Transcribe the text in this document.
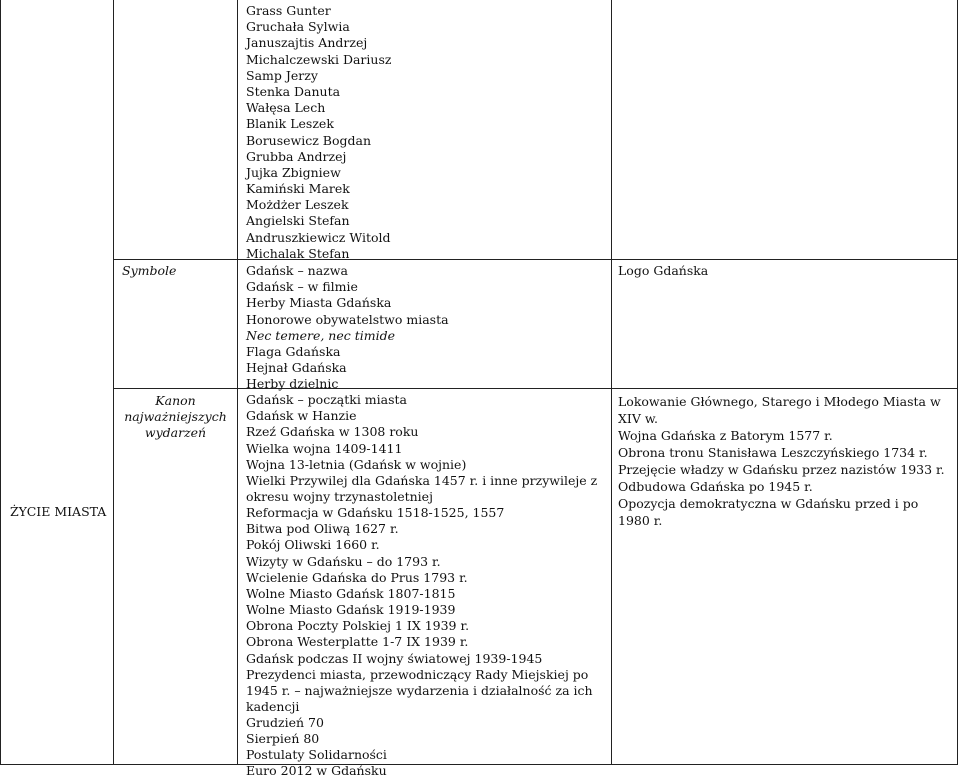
ŻYCIE MIASTA
Symbole
Kanon
najważniejszych
wydarzeń
Grass Gunter
Gruchała Sylwia
Januszajtis Andrzej
Michalczewski Dariusz
Samp Jerzy
Stenka Danuta
Wałęsa Lech
Blanik Leszek
Borusewicz Bogdan
Grubba Andrzej
Jujka Zbigniew
Kamiński Marek
Możdżer Leszek
Angielski Stefan
Andruszkiewicz Witold
Michalak Stefan
Gdańsk – nazwa
Gdańsk – w filmie
Herby Miasta Gdańska
Honorowe obywatelstwo miasta
Nec temere, nec timide
Flaga Gdańska
Hejnał Gdańska
Herby dzielnic
Gdańsk – początki miasta
Gdańsk w Hanzie
Rzeź Gdańska w 1308 roku
Wielka wojna 1409-1411
Wojna 13-letnia (Gdańsk w wojnie)
Wielki Przywilej dla Gdańska 1457 r. i inne przywileje z okresu wojny trzynastoletniej
Reformacja w Gdańsku 1518-1525, 1557
Bitwa pod Oliwą 1627 r.
Pokój Oliwski 1660 r.
Wizyty w Gdańsku – do 1793 r.
Wcielenie Gdańska do Prus 1793 r.
Wolne Miasto Gdańsk 1807-1815
Wolne Miasto Gdańsk 1919-1939
Obrona Poczty Polskiej 1 IX 1939 r.
Obrona Westerplatte 1-7 IX 1939 r.
Gdańsk podczas II wojny światowej 1939-1945
Prezydenci miasta, przewodniczący Rady Miejskiej po 1945 r. – najważniejsze wydarzenia i działalność za ich kadencji
Grudzień 70
Sierpień 80
Postulaty Solidarności
Euro 2012 w Gdańsku
Logo Gdańska
Lokowanie Głównego, Starego i Młodego Miasta w XIV w.
Wojna Gdańska z Batorym 1577 r.
Obrona tronu Stanisława Leszczyńskiego 1734 r.
Przejęcie władzy w Gdańsku przez nazistów 1933 r.
Odbudowa Gdańska po 1945 r.
Opozycja demokratyczna w Gdańsku przed i po 1980 r.
